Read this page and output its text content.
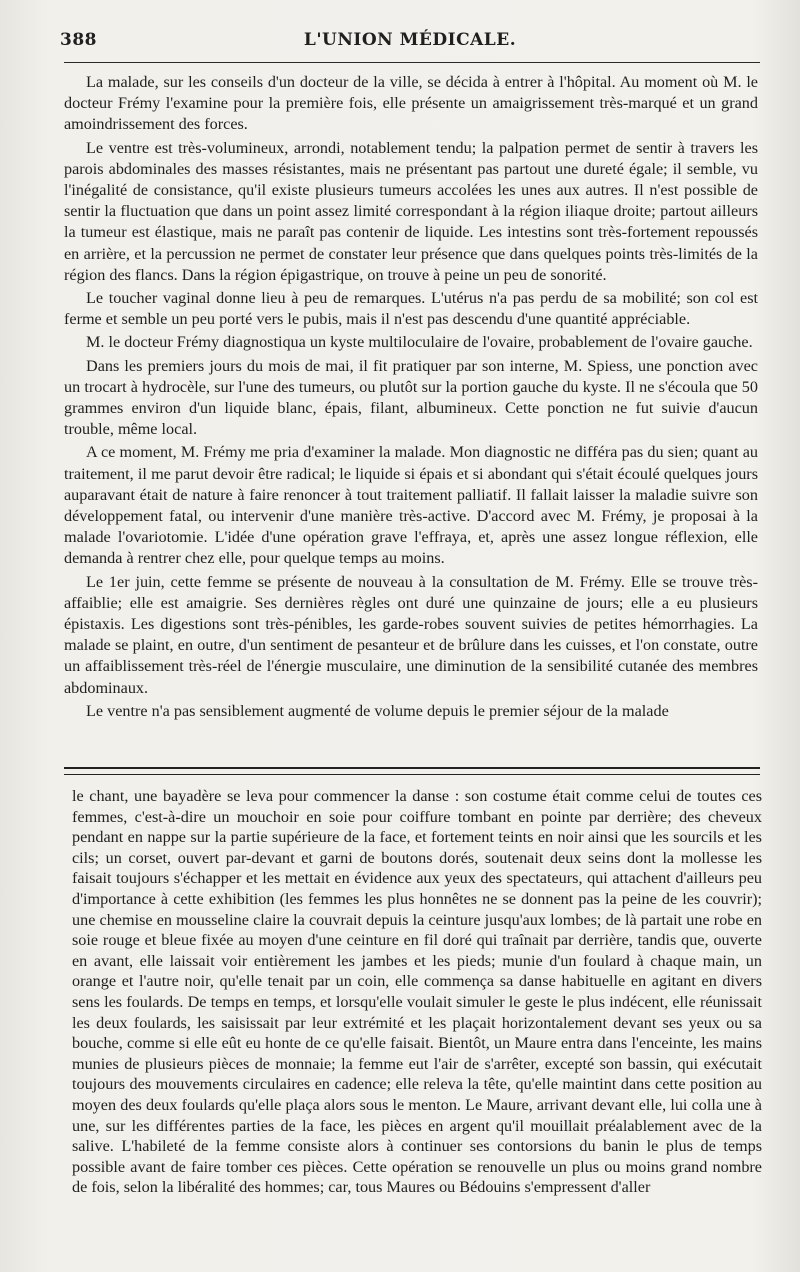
388	L'UNION MÉDICALE.

La malade, sur les conseils d'un docteur de la ville, se décida à entrer à l'hôpital. Au moment où M. le docteur Frémy l'examine pour la première fois, elle présente un amaigrissement très-marqué et un grand amoindrissement des forces.

Le ventre est très-volumineux, arrondi, notablement tendu; la palpation permet de sentir à travers les parois abdominales des masses résistantes, mais ne présentant pas partout une dureté égale; il semble, vu l'inégalité de consistance, qu'il existe plusieurs tumeurs accolées les unes aux autres. Il n'est possible de sentir la fluctuation que dans un point assez limité correspondant à la région iliaque droite; partout ailleurs la tumeur est élastique, mais ne paraît pas contenir de liquide. Les intestins sont très-fortement repoussés en arrière, et la percussion ne permet de constater leur présence que dans quelques points très-limités de la région des flancs. Dans la région épigastrique, on trouve à peine un peu de sonorité.

Le toucher vaginal donne lieu à peu de remarques. L'utérus n'a pas perdu de sa mobilité; son col est ferme et semble un peu porté vers le pubis, mais il n'est pas descendu d'une quantité appréciable.

M. le docteur Frémy diagnostiqua un kyste multiloculaire de l'ovaire, probablement de l'ovaire gauche.

Dans les premiers jours du mois de mai, il fit pratiquer par son interne, M. Spiess, une ponction avec un trocart à hydrocèle, sur l'une des tumeurs, ou plutôt sur la portion gauche du kyste. Il ne s'écoula que 50 grammes environ d'un liquide blanc, épais, filant, albumineux. Cette ponction ne fut suivie d'aucun trouble, même local.

A ce moment, M. Frémy me pria d'examiner la malade. Mon diagnostic ne différa pas du sien; quant au traitement, il me parut devoir être radical; le liquide si épais et si abondant qui s'était écoulé quelques jours auparavant était de nature à faire renoncer à tout traitement palliatif. Il fallait laisser la maladie suivre son développement fatal, ou intervenir d'une manière très-active. D'accord avec M. Frémy, je proposai à la malade l'ovariotomie. L'idée d'une opération grave l'effraya, et, après une assez longue réflexion, elle demanda à rentrer chez elle, pour quelque temps au moins.

Le 1er juin, cette femme se présente de nouveau à la consultation de M. Frémy. Elle se trouve très-affaiblie; elle est amaigrie. Ses dernières règles ont duré une quinzaine de jours; elle a eu plusieurs épistaxis. Les digestions sont très-pénibles, les garde-robes souvent suivies de petites hémorrhagies. La malade se plaint, en outre, d'un sentiment de pesanteur et de brûlure dans les cuisses, et l'on constate, outre un affaiblissement très-réel de l'énergie musculaire, une diminution de la sensibilité cutanée des membres abdominaux.

Le ventre n'a pas sensiblement augmenté de volume depuis le premier séjour de la malade

le chant, une bayadère se leva pour commencer la danse : son costume était comme celui de toutes ces femmes, c'est-à-dire un mouchoir en soie pour coiffure tombant en pointe par derrière; des cheveux pendant en nappe sur la partie supérieure de la face, et fortement teints en noir ainsi que les sourcils et les cils; un corset, ouvert par-devant et garni de boutons dorés, soutenait deux seins dont la mollesse les faisait toujours s'échapper et les mettait en évidence aux yeux des spectateurs, qui attachent d'ailleurs peu d'importance à cette exhibition (les femmes les plus honnêtes ne se donnent pas la peine de les couvrir); une chemise en mousseline claire la couvrait depuis la ceinture jusqu'aux lombes; de là partait une robe en soie rouge et bleue fixée au moyen d'une ceinture en fil doré qui traînait par derrière, tandis que, ouverte en avant, elle laissait voir entièrement les jambes et les pieds; munie d'un foulard à chaque main, un orange et l'autre noir, qu'elle tenait par un coin, elle commença sa danse habituelle en agitant en divers sens les foulards. De temps en temps, et lorsqu'elle voulait simuler le geste le plus indécent, elle réunissait les deux foulards, les saisissait par leur extrémité et les plaçait horizontalement devant ses yeux ou sa bouche, comme si elle eût eu honte de ce qu'elle faisait. Bientôt, un Maure entra dans l'enceinte, les mains munies de plusieurs pièces de monnaie; la femme eut l'air de s'arrêter, excepté son bassin, qui exécutait toujours des mouvements circulaires en cadence; elle releva la tête, qu'elle maintint dans cette position au moyen des deux foulards qu'elle plaça alors sous le menton. Le Maure, arrivant devant elle, lui colla une à une, sur les différentes parties de la face, les pièces en argent qu'il mouillait préalablement avec de la salive. L'habileté de la femme consiste alors à continuer ses contorsions du banin le plus de temps possible avant de faire tomber ces pièces. Cette opération se renouvelle un plus ou moins grand nombre de fois, selon la libéralité des hommes; car, tous Maures ou Bédouins s'empressent d'aller
